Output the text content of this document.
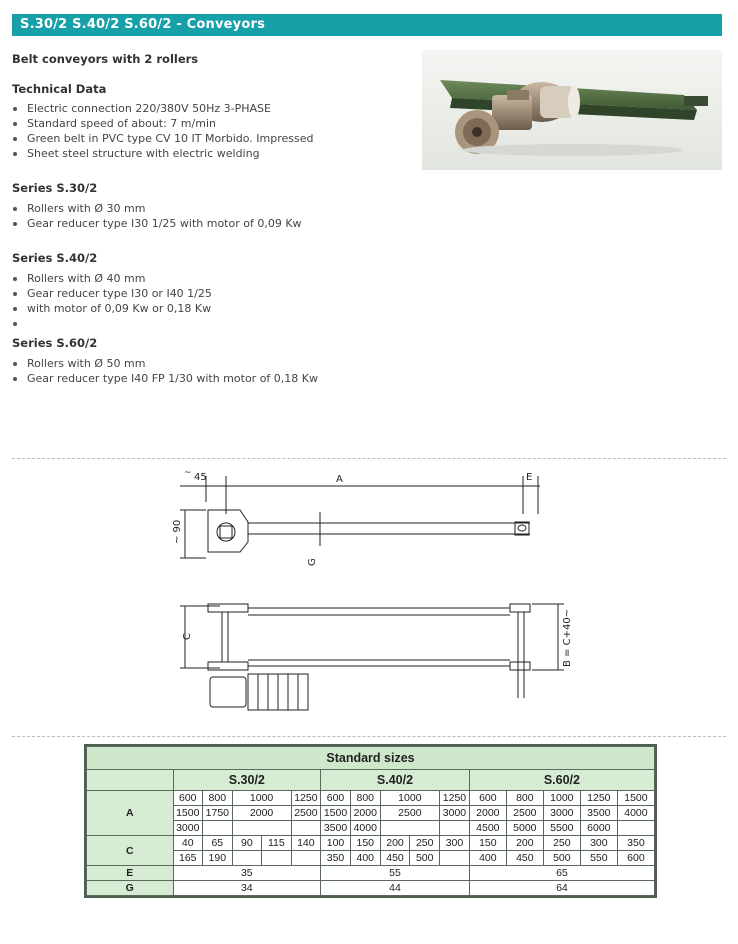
S.30/2 S.40/2 S.60/2 - Conveyors
Belt conveyors with 2 rollers
Technical Data
Electric connection 220/380V 50Hz 3-PHASE
Standard speed of about: 7 m/min
Green belt in PVC type CV 10 IT Morbido. Impressed
Sheet steel structure with electric welding
Series S.30/2
Rollers with Ø 30 mm
Gear reducer type I30 1/25 with motor of 0,09 Kw
Series S.40/2
Rollers with Ø 40 mm
Gear reducer type I30 or I40 1/25
with motor of 0,09 Kw or 0,18 Kw
Series S.60/2
Rollers with Ø 50 mm
Gear reducer type I40 FP 1/30 with motor of 0,18 Kw
45
~
A	E
~ 90
G
C	B = C+40~
Standard sizes															
	S.30/2					S.40/2					S.60/2				
A	600	800	1000		1250	600	800	1000		1250	600	800	1000	1250	1500
	1500	1750	2000		2500	1500	2000	2500		3000	2000	2500	3000	3500	4000
	3000					3500	4000				4500	5000	5500	6000	
C	40	65	90	115	140	100	150	200	250	300	150	200	250	300	350
	165	190				350	400	450	500		400	450	500	550	600
E	35					55					65				
G	34					44					64				
